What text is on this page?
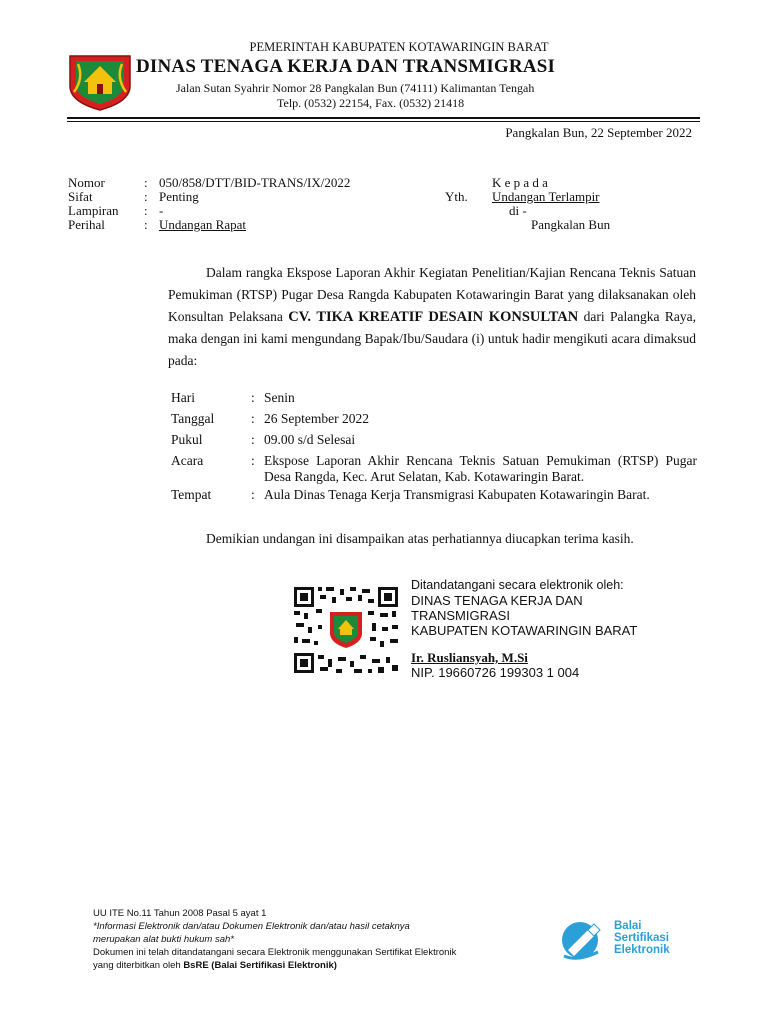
PEMERINTAH KABUPATEN KOTAWARINGIN BARAT
DINAS TENAGA KERJA DAN TRANSMIGRASI
Jalan Sutan Syahrir Nomor 28 Pangkalan Bun (74111) Kalimantan Tengah
Telp. (0532) 22154, Fax. (0532) 21418
Pangkalan Bun, 22 September 2022
Nomor	: 050/858/DTT/BID-TRANS/IX/2022
Sifat	: Penting
Lampiran : -
Perihal	: Undangan Rapat
K e p a d a
Yth. Undangan Terlampir
di -
Pangkalan Bun
Dalam rangka Ekspose Laporan Akhir Kegiatan Penelitian/Kajian Rencana Teknis Satuan Pemukiman (RTSP) Pugar Desa Rangda Kabupaten Kotawaringin Barat yang dilaksanakan oleh Konsultan Pelaksana CV. TIKA KREATIF DESAIN KONSULTAN dari Palangka Raya, maka dengan ini kami mengundang Bapak/Ibu/Saudara (i) untuk hadir mengikuti acara dimaksud pada:
Hari	: Senin
Tanggal	: 26 September 2022
Pukul	: 09.00 s/d Selesai
Acara	: Ekspose Laporan Akhir Rencana Teknis Satuan Pemukiman (RTSP) Pugar Desa Rangda, Kec. Arut Selatan, Kab. Kotawaringin Barat.
Tempat	: Aula Dinas Tenaga Kerja Transmigrasi Kabupaten Kotawaringin Barat.
Demikian undangan ini disampaikan atas perhatiannya diucapkan terima kasih.
Ditandatangani secara elektronik oleh:
DINAS TENAGA KERJA DAN
TRANSMIGRASI
KABUPATEN KOTAWARINGIN BARAT
Ir. Rusliansyah, M.Si
NIP. 19660726 199303 1 004
UU ITE No.11 Tahun 2008 Pasal 5 ayat 1
*Informasi Elektronik dan/atau Dokumen Elektronik dan/atau hasil cetaknya
merupakan alat bukti hukum sah*
Dokumen ini telah ditandatangani secara Elektronik menggunakan Sertifikat Elektronik
yang diterbitkan oleh BsRE (Balai Sertifikasi Elektronik)
Balai
Sertifikasi
Elektronik
